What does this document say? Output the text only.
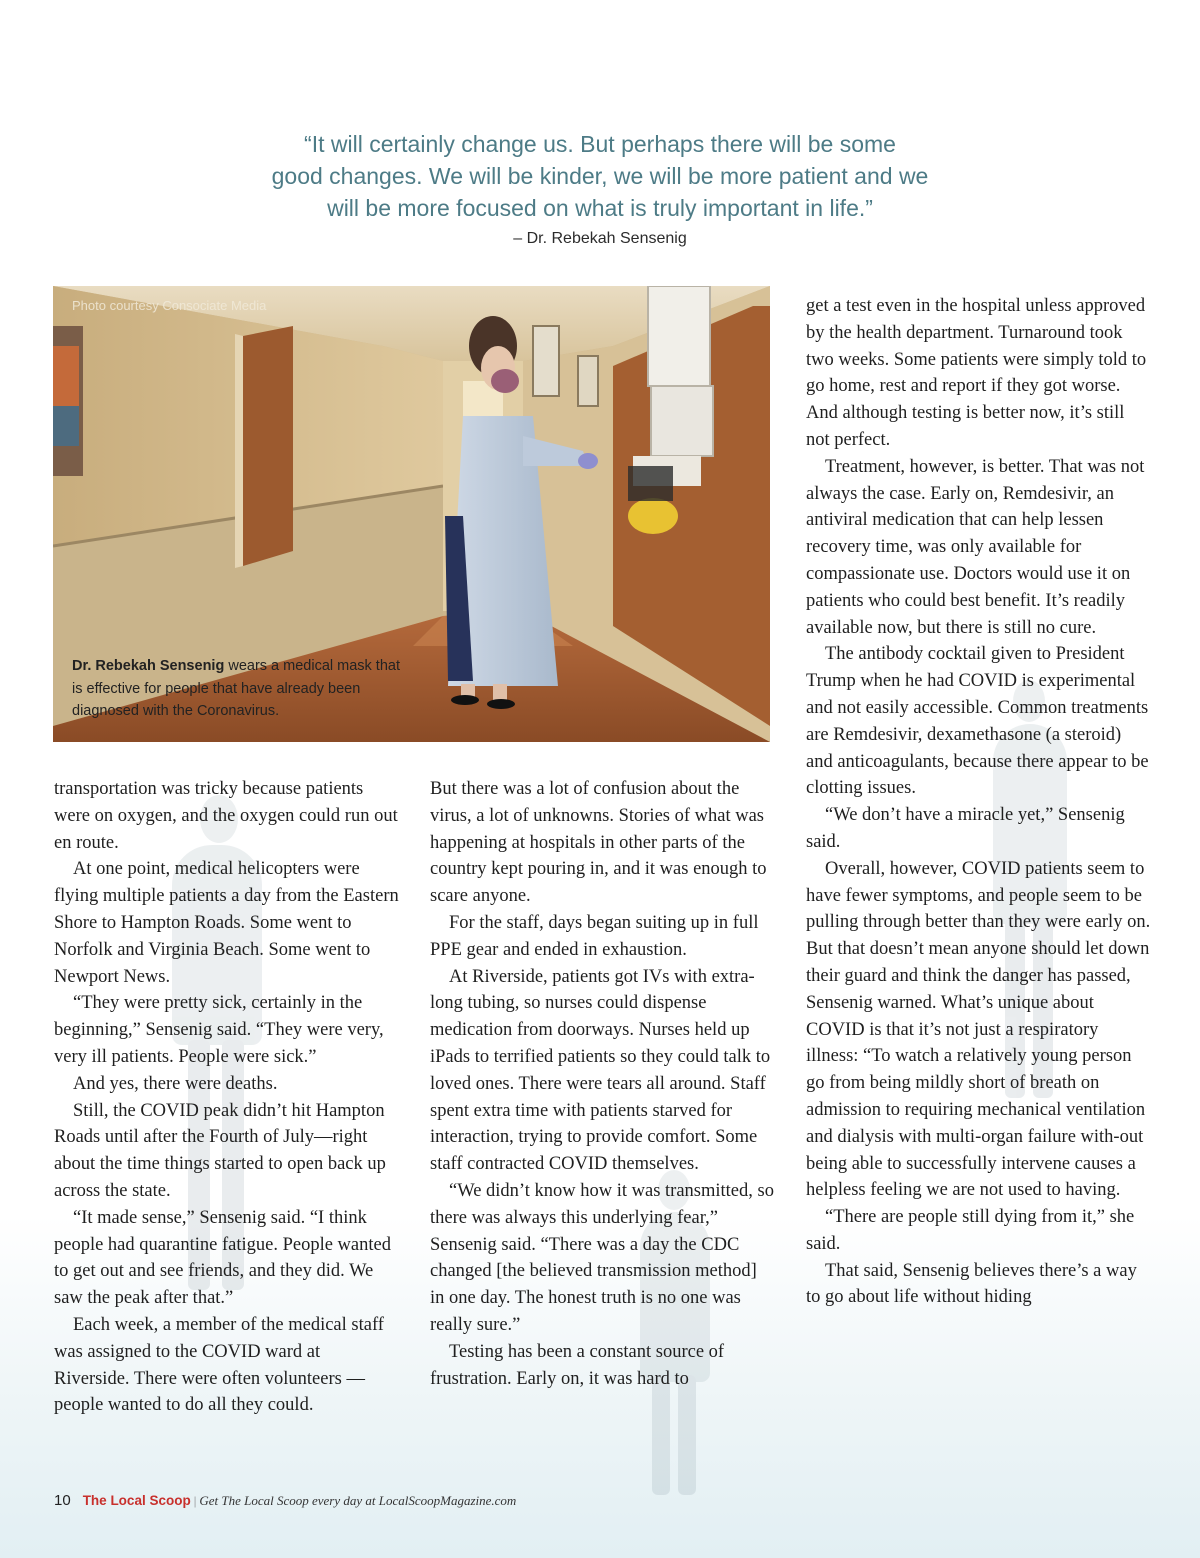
“It will certainly change us. But perhaps there will be some
good changes. We will be kinder, we will be more patient and we
will be more focused on what is truly important in life.”
– Dr. Rebekah Sensenig
Photo courtesy Consociate Media
Dr. Rebekah Sensenig wears a medical mask that is effective for people that have already been diagnosed with the Coronavirus.

transportation was tricky because patients were on oxygen, and the oxygen could run out en route.

At one point, medical helicopters were flying multiple patients a day from the Eastern Shore to Hampton Roads. Some went to Norfolk and Virginia Beach. Some went to Newport News.

“They were pretty sick, certainly in the beginning,” Sensenig said. “They were very, very ill patients. People were sick.”

And yes, there were deaths.

Still, the COVID peak didn’t hit Hampton Roads until after the Fourth of July—right about the time things started to open back up across the state.

“It made sense,” Sensenig said. “I think people had quarantine fatigue. People wanted to get out and see friends, and they did. We saw the peak after that.”

Each week, a member of the medical staff was assigned to the COVID ward at Riverside. There were often volunteers —people wanted to do all they could.

But there was a lot of confusion about the virus, a lot of unknowns. Stories of what was happening at hospitals in other parts of the country kept pouring in, and it was enough to scare anyone.

For the staff, days began suiting up in full PPE gear and ended in exhaustion.

At Riverside, patients got IVs with extra-long tubing, so nurses could dispense medication from doorways. Nurses held up iPads to terrified patients so they could talk to loved ones. There were tears all around. Staff spent extra time with patients starved for interaction, trying to provide comfort. Some staff contracted COVID themselves.

“We didn’t know how it was transmitted, so there was always this underlying fear,” Sensenig said. “There was a day the CDC changed [the believed transmission method] in one day. The honest truth is no one was really sure.”

Testing has been a constant source of frustration. Early on, it was hard to

get a test even in the hospital unless approved by the health department. Turnaround took two weeks. Some patients were simply told to go home, rest and report if they got worse. And although testing is better now, it’s still not perfect.

Treatment, however, is better. That was not always the case. Early on, Remdesivir, an antiviral medication that can help lessen recovery time, was only available for compassionate use. Doctors would use it on patients who could best benefit. It’s readily available now, but there is still no cure.

The antibody cocktail given to President Trump when he had COVID is experimental and not easily accessible. Common treatments are Remdesivir, dexamethasone (a steroid) and anticoagulants, because there appear to be clotting issues.

“We don’t have a miracle yet,” Sensenig said.

Overall, however, COVID patients seem to have fewer symptoms, and people seem to be pulling through better than they were early on. But that doesn’t mean anyone should let down their guard and think the danger has passed, Sensenig warned. What’s unique about COVID is that it’s not just a respiratory illness: “To watch a relatively young person go from being mildly short of breath on admission to requiring mechanical ventilation and dialysis with multi-organ failure with-out being able to successfully intervene causes a helpless feeling we are not used to having.

“There are people still dying from it,” she said.

That said, Sensenig believes there’s a way to go about life without hiding

10 The Local Scoop | Get The Local Scoop every day at LocalScoopMagazine.com
